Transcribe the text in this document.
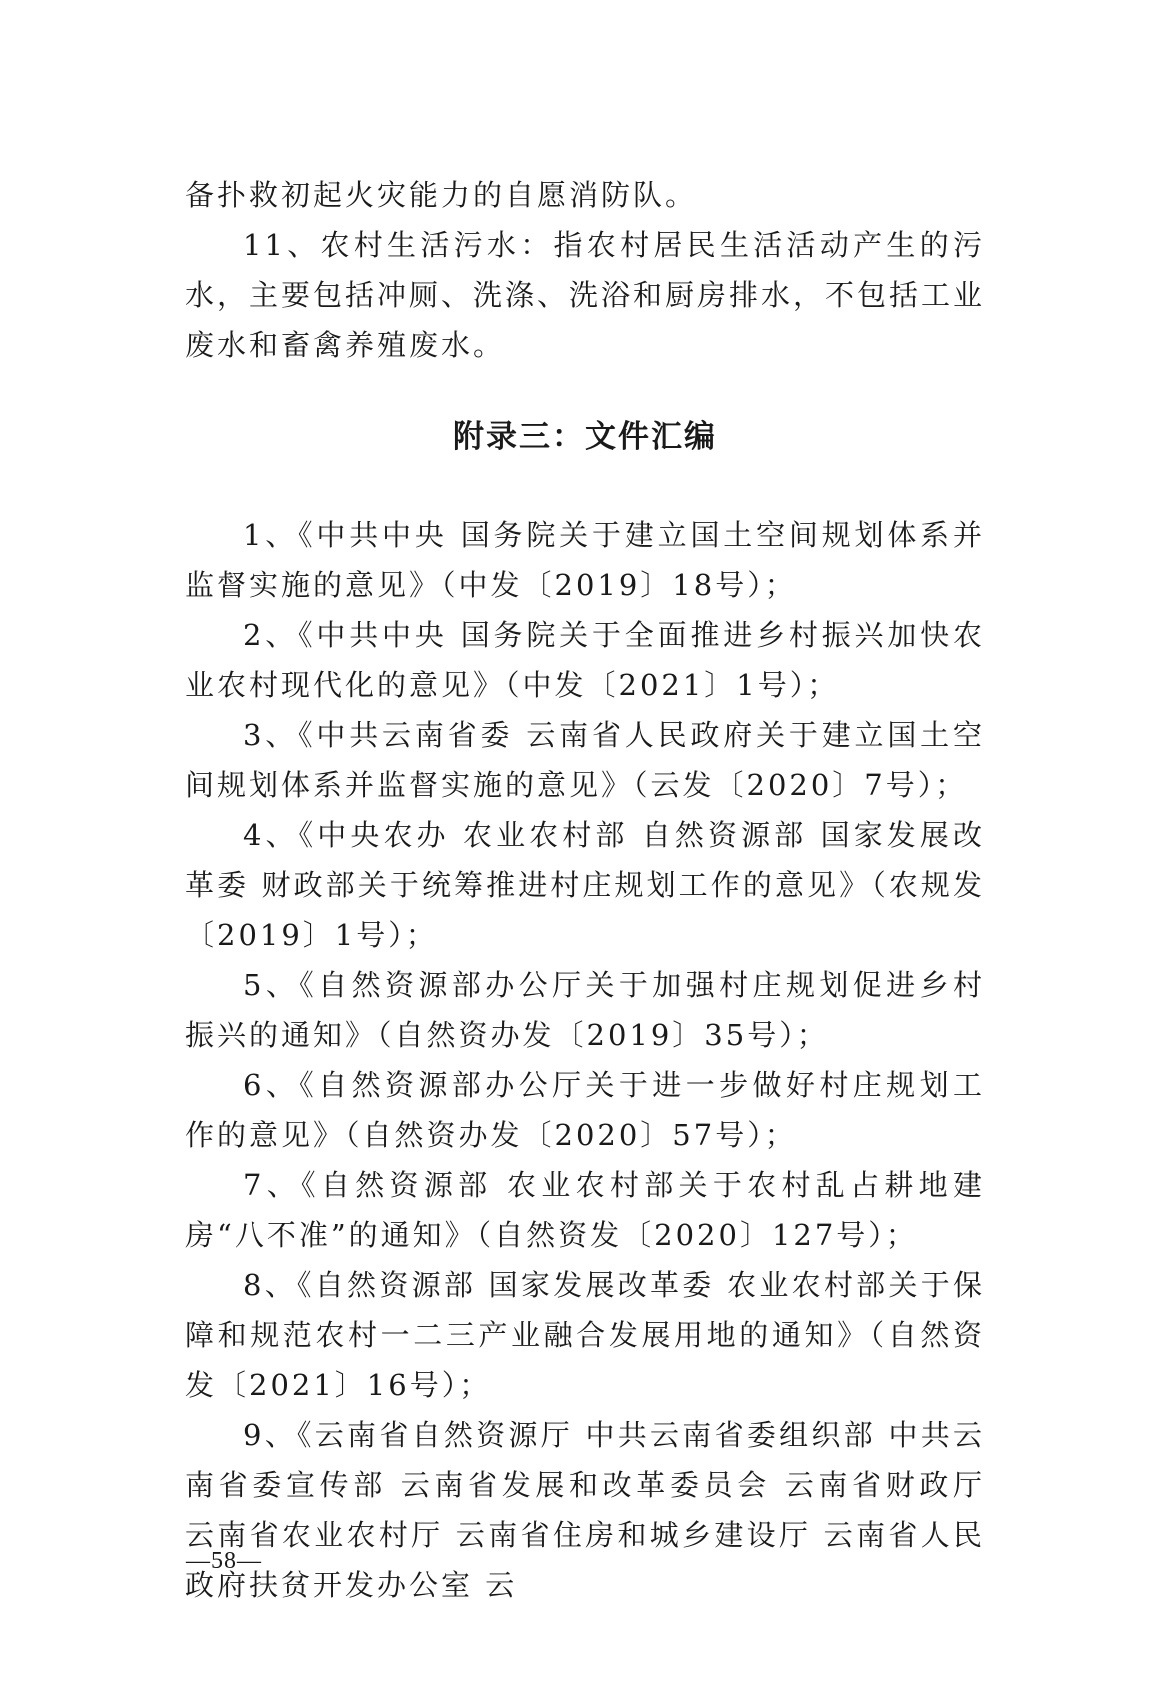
备扑救初起火灾能力的自愿消防队。

11、农村生活污水：指农村居民生活活动产生的污水，主要包括冲厕、洗涤、洗浴和厨房排水，不包括工业废水和畜禽养殖废水。

附录三：文件汇编

1、《中共中央 国务院关于建立国土空间规划体系并监督实施的意见》（中发〔2019〕18号）；

2、《中共中央 国务院关于全面推进乡村振兴加快农业农村现代化的意见》（中发〔2021〕1号）；

3、《中共云南省委 云南省人民政府关于建立国土空间规划体系并监督实施的意见》（云发〔2020〕7号）；

4、《中央农办 农业农村部 自然资源部 国家发展改革委 财政部关于统筹推进村庄规划工作的意见》（农规发〔2019〕1号）；

5、《自然资源部办公厅关于加强村庄规划促进乡村振兴的通知》（自然资办发〔2019〕35号）；

6、《自然资源部办公厅关于进一步做好村庄规划工作的意见》（自然资办发〔2020〕57号）；

7、《自然资源部 农业农村部关于农村乱占耕地建房“八不准”的通知》（自然资发〔2020〕127号）；

8、《自然资源部 国家发展改革委 农业农村部关于保障和规范农村一二三产业融合发展用地的通知》（自然资发〔2021〕16号）；

9、《云南省自然资源厅 中共云南省委组织部 中共云南省委宣传部 云南省发展和改革委员会 云南省财政厅 云南省农业农村厅 云南省住房和城乡建设厅 云南省人民政府扶贫开发办公室 云

—58—
